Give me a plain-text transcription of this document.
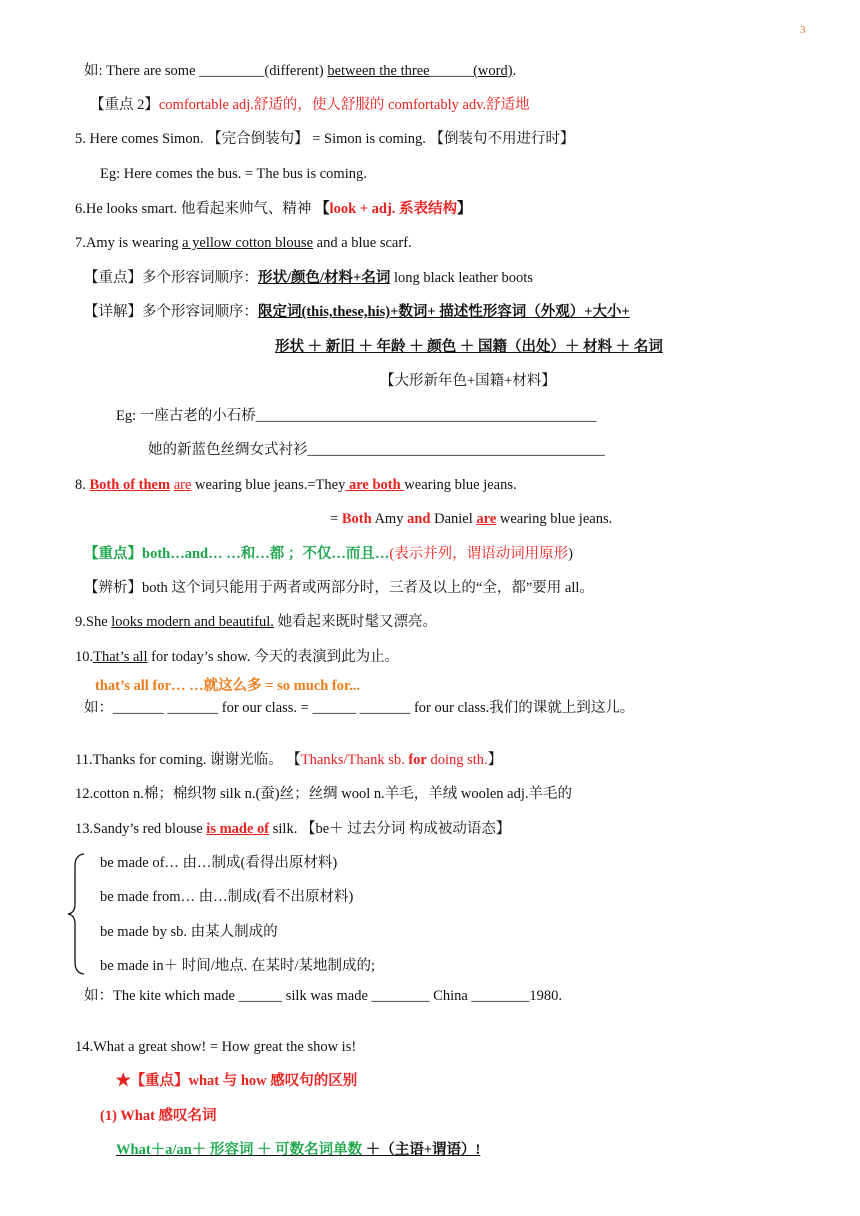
3
如: There are some _________(different) between the three______(word).
【重点 2】comfortable adj.舒适的，使人舒服的 comfortably adv.舒适地
5. Here comes Simon. 【完合倒装句】 = Simon is coming. 【倒装句不用进行时】
Eg: Here comes the bus. = The bus is coming.
6.He looks smart. 他看起来帅气、精神 【look + adj. 系表结构】
7.Amy is wearing a yellow cotton blouse and a blue scarf.
【重点】多个形容词顺序：形状/颜色/材料+名词 long black leather boots
【详解】多个形容词顺序：限定词(this,these,his)+数词+ 描述性形容词（外观）+大小+
形状 ＋ 新旧 ＋ 年龄 ＋ 颜色 ＋ 国籍（出处）＋ 材料 ＋ 名词
【大形新年色+国籍+材料】
Eg: 一座古老的小石桥_______________________________________________
她的新蓝色丝绸女式衬衫_________________________________________
8. Both of them are wearing blue jeans.=They are both wearing blue jeans.
= Both Amy and Daniel are wearing blue jeans.
【重点】both…and… …和…都 ；不仅…而且…(表示并列，谓语动词用原形)
【辨析】both 这个词只能用于两者或两部分时，三者及以上的“全，都”要用 all。
9.She looks modern and beautiful. 她看起来既时髦又漂亮。
10.That’s all for today’s show. 今天的表演到此为止。
that’s all for… …就这么多 = so much for...
如：_______ _______ for our class. = ______ _______ for our class.我们的课就上到这儿。
11.Thanks for coming. 谢谢光临。 【Thanks/Thank sb. for doing sth.】
12.cotton n.棉；棉织物 silk n.(蚕)丝；丝绸 wool n.羊毛，羊绒 woolen adj.羊毛的
13.Sandy’s red blouse is made of silk. 【be＋ 过去分词 构成被动语态】
be made of… 由…制成(看得出原材料)
be made from… 由…制成(看不出原材料)
be made by sb. 由某人制成的
be made in＋ 时间/地点. 在某时/某地制成的;
如：The kite which made ______ silk was made ________ China ________1980.
14.What a great show! = How great the show is!
★【重点】what 与 how 感叹句的区别
(1) What 感叹名词
What＋a/an＋ 形容词 ＋ 可数名词单数 ＋（主语+谓语）!
